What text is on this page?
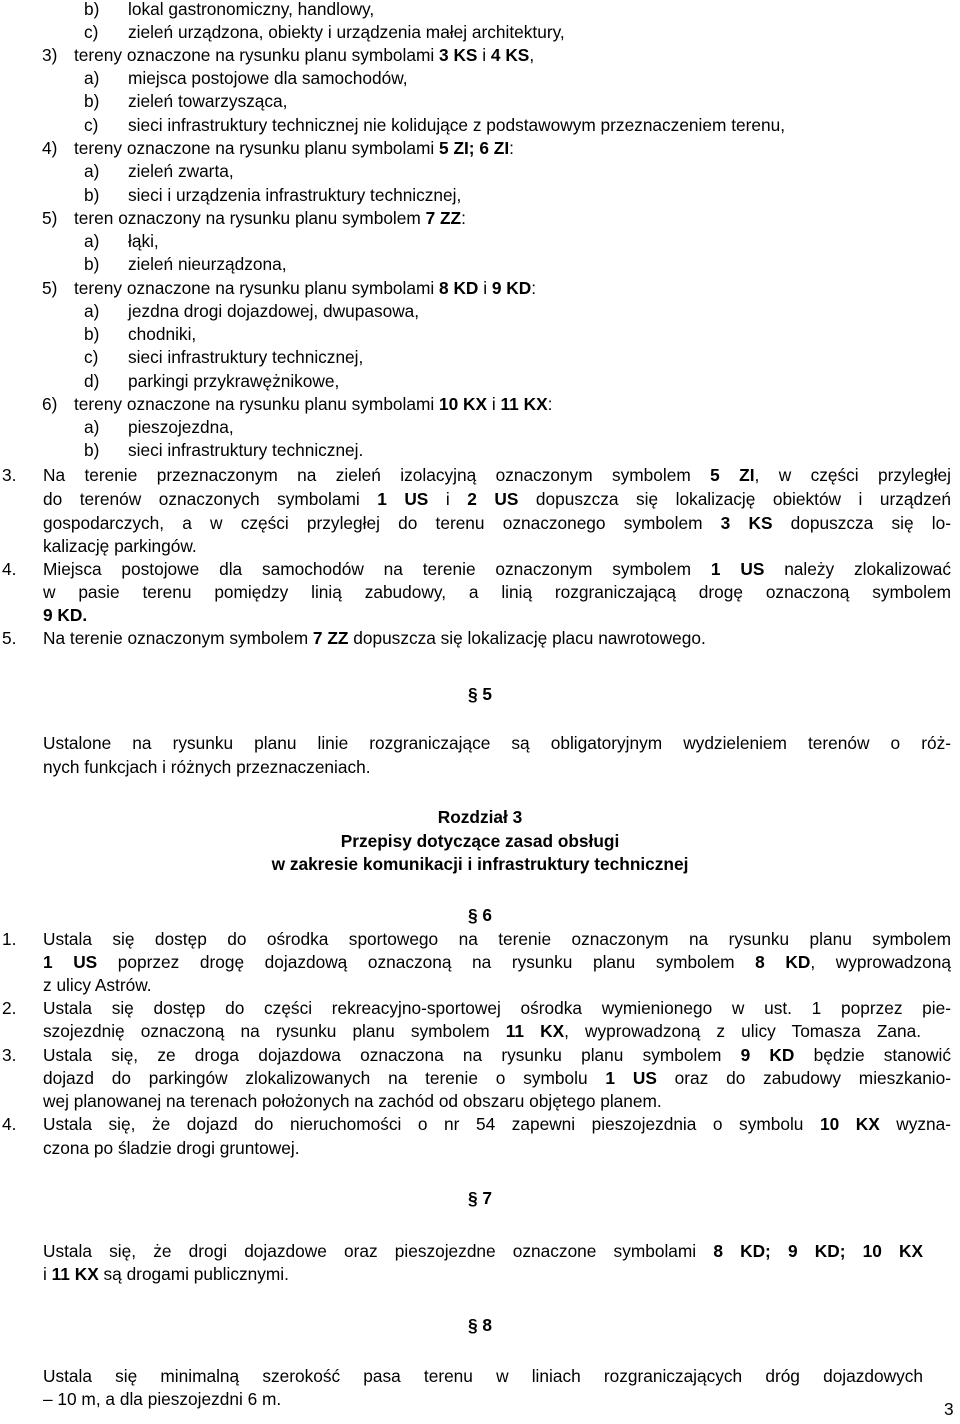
b) lokal gastronomiczny, handlowy,
c) zieleń urządzona, obiekty i urządzenia małej architektury,
3) tereny oznaczone na rysunku planu symbolami 3 KS i 4 KS,
a) miejsca postojowe dla samochodów,
b) zieleń towarzysząca,
c) sieci infrastruktury technicznej nie kolidujące z podstawowym przeznaczeniem terenu,
4) tereny oznaczone na rysunku planu symbolami 5 ZI; 6 ZI:
a) zieleń zwarta,
b) sieci i urządzenia infrastruktury technicznej,
5) teren oznaczony na rysunku planu symbolem 7 ZZ:
a) łąki,
b) zieleń nieurządzona,
5) tereny oznaczone na rysunku planu symbolami 8 KD i 9 KD:
a) jezdna drogi dojazdowej, dwupasowa,
b) chodniki,
c) sieci infrastruktury technicznej,
d) parkingi przykrawężnikowe,
6) tereny oznaczone na rysunku planu symbolami 10 KX i 11 KX:
a) pieszojezdna,
b) sieci infrastruktury technicznej.
3. Na terenie przeznaczonym na zieleń izolacyjną oznaczonym symbolem 5 ZI, w części przyległej
do terenów oznaczonych symbolami 1 US i 2 US dopuszcza się lokalizację obiektów i urządzeń
gospodarczych, a w części przyległej do terenu oznaczonego symbolem 3 KS dopuszcza się lo-
kalizację parkingów.
4. Miejsca postojowe dla samochodów na terenie oznaczonym symbolem 1 US należy zlokalizować
w pasie terenu pomiędzy linią zabudowy, a linią rozgraniczającą drogę oznaczoną symbolem
9 KD.
5. Na terenie oznaczonym symbolem 7 ZZ dopuszcza się lokalizację placu nawrotowego.
§ 5
Ustalone na rysunku planu linie rozgraniczające są obligatoryjnym wydzieleniem terenów o róż-
nych funkcjach i różnych przeznaczeniach.
Rozdział 3
Przepisy dotyczące zasad obsługi
w zakresie komunikacji i infrastruktury technicznej
§ 6
1. Ustala się dostęp do ośrodka sportowego na terenie oznaczonym na rysunku planu symbolem
1 US poprzez drogę dojazdową oznaczoną na rysunku planu symbolem 8 KD, wyprowadzoną
z ulicy Astrów.
2. Ustala się dostęp do części rekreacyjno-sportowej ośrodka wymienionego w ust. 1 poprzez pie-
szojezdnię oznaczoną na rysunku planu symbolem 11 KX, wyprowadzoną z ulicy Tomasza Zana.
3. Ustala się, ze droga dojazdowa oznaczona na rysunku planu symbolem 9 KD będzie stanowić
dojazd do parkingów zlokalizowanych na terenie o symbolu 1 US oraz do zabudowy mieszkanio-
wej planowanej na terenach położonych na zachód od obszaru objętego planem.
4. Ustala się, że dojazd do nieruchomości o nr 54 zapewni pieszojezdnia o symbolu 10 KX wyzna-
czona po śladzie drogi gruntowej.
§ 7
Ustala się, że drogi dojazdowe oraz pieszojezdne oznaczone symbolami 8 KD; 9 KD; 10 KX
i 11 KX są drogami publicznymi.
§ 8
Ustala się minimalną szerokość pasa terenu w liniach rozgraniczających dróg dojazdowych
– 10 m, a dla pieszojezdni 6 m.	3
